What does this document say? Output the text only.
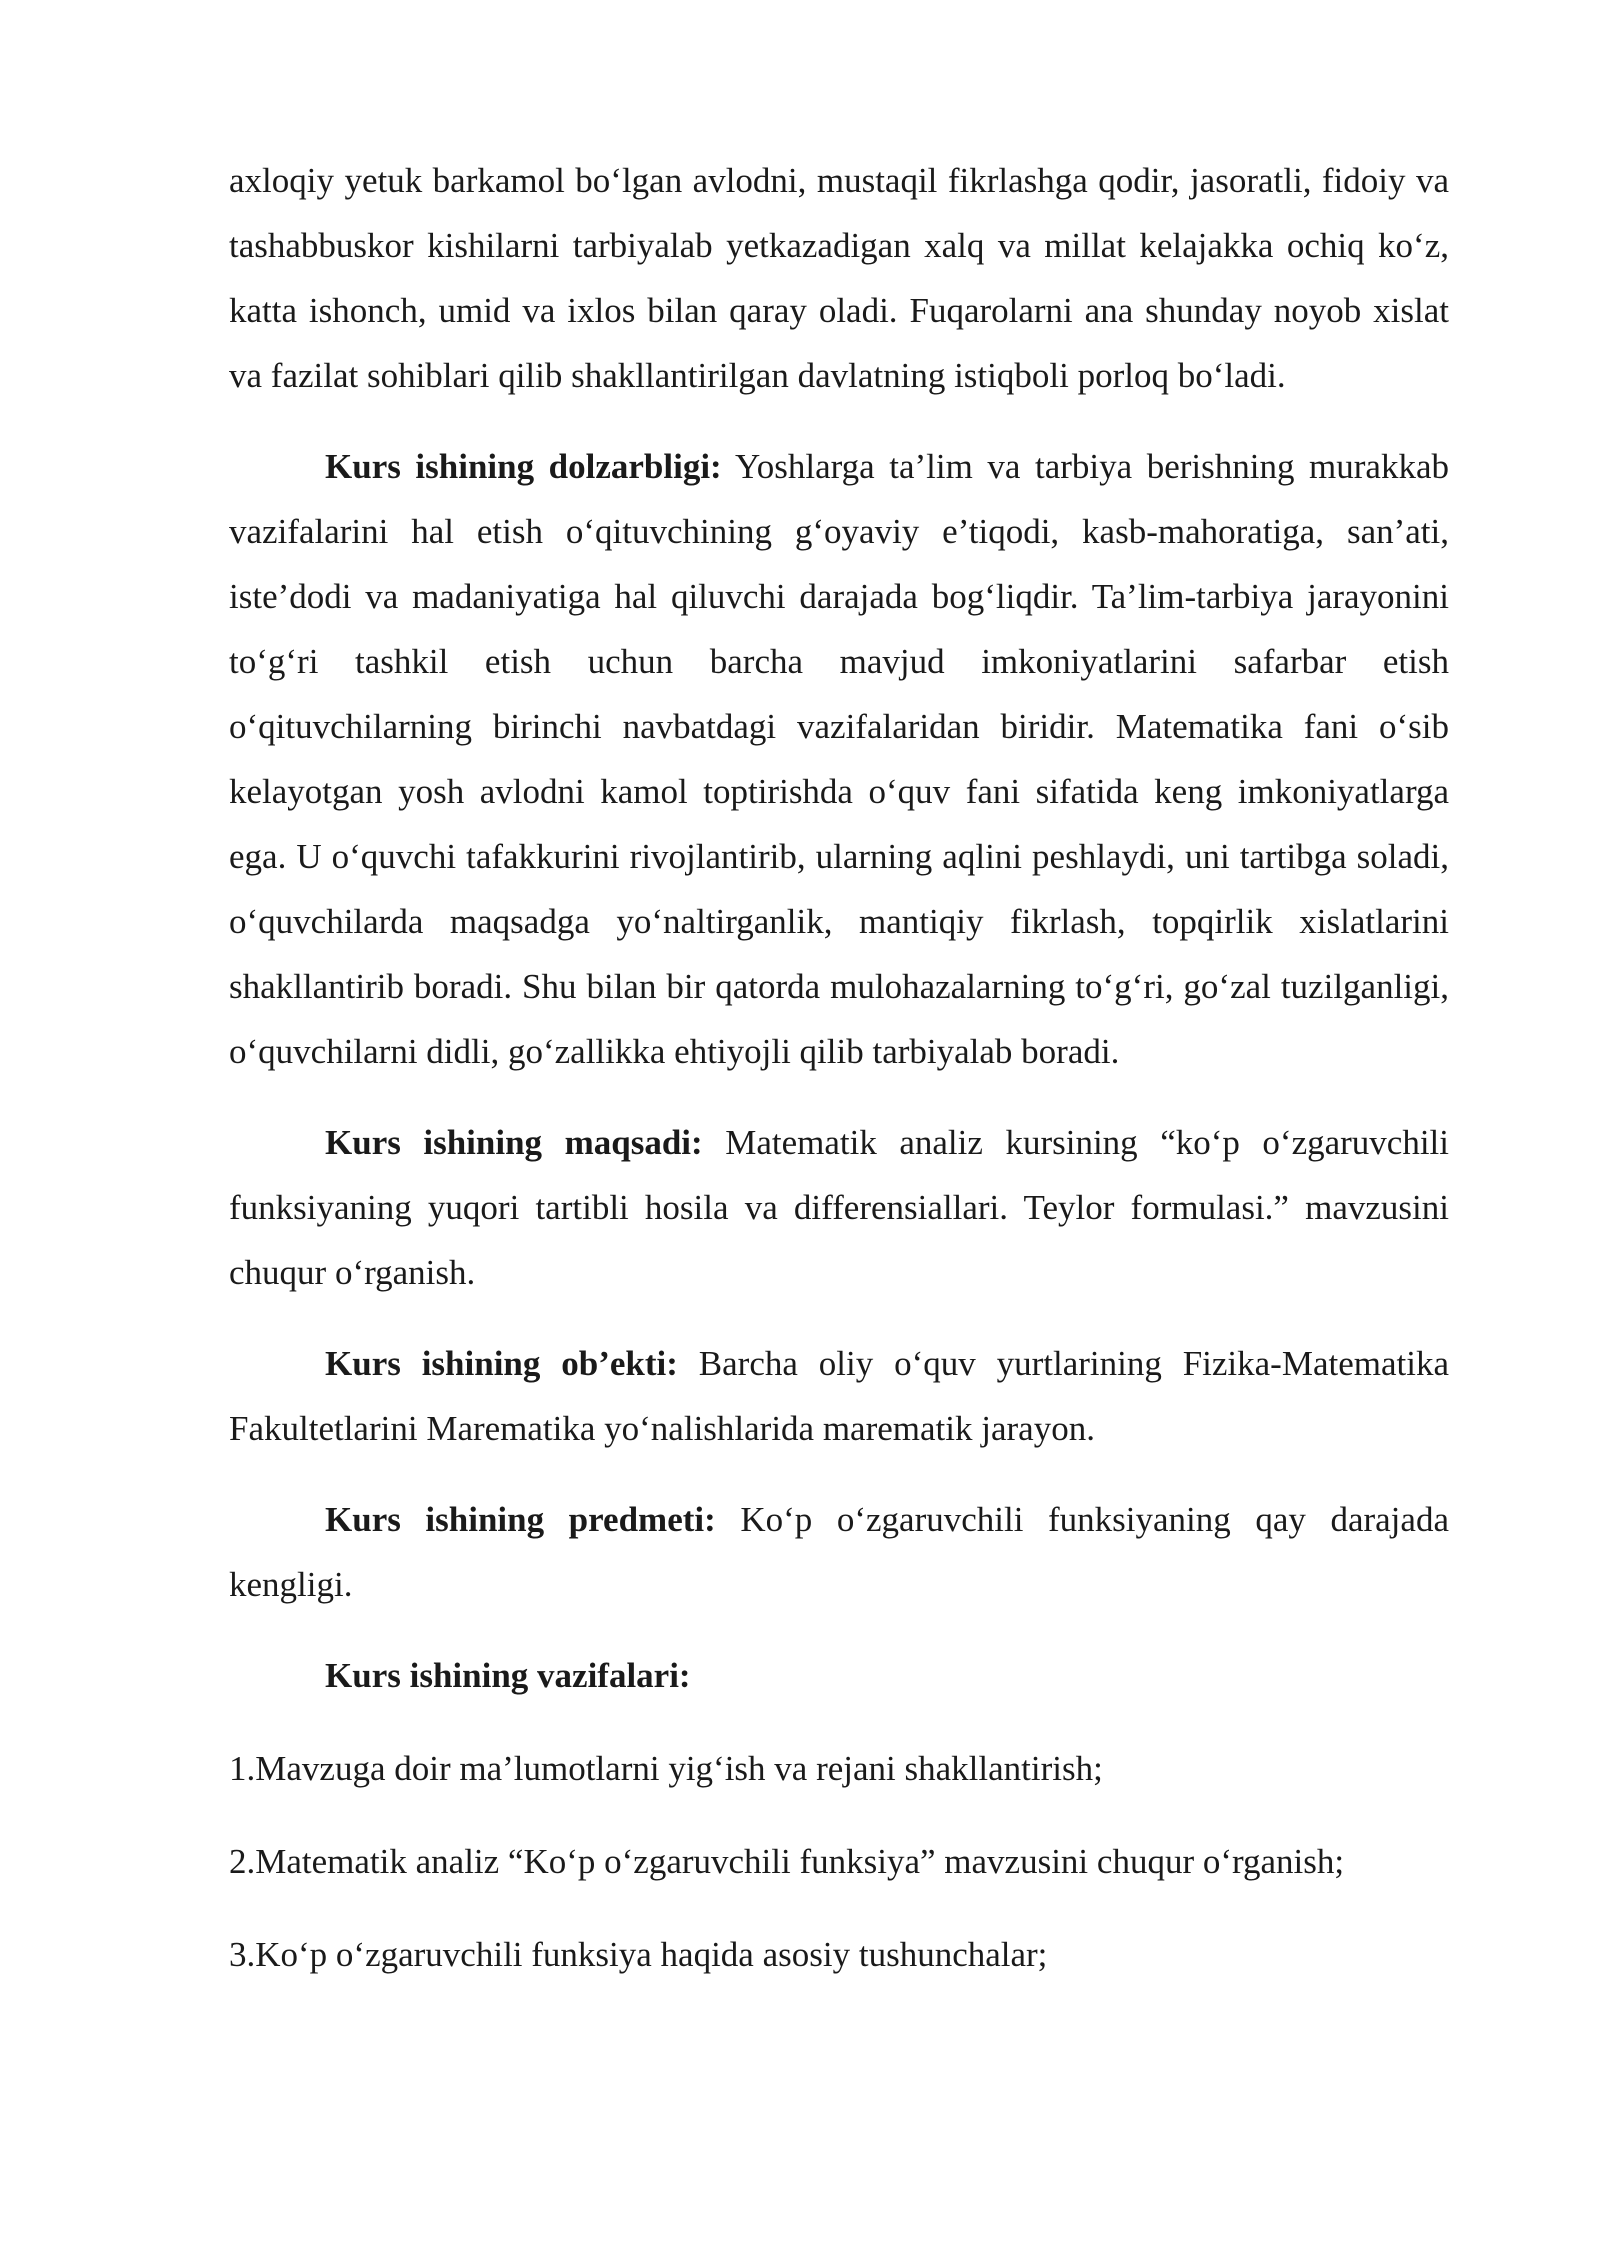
axloqiy yetuk barkamol bo‘lgan avlodni, mustaqil fikrlashga qodir, jasoratli, fidoiy va tashabbuskor kishilarni tarbiyalab yetkazadigan xalq va millat kelajakka ochiq ko‘z, katta ishonch, umid va ixlos bilan qaray oladi. Fuqarolarni ana shunday noyob xislat va fazilat sohiblari qilib shakllantirilgan davlatning istiqboli porloq bo‘ladi.

Kurs ishining dolzarbligi: Yoshlarga ta’lim va tarbiya berishning murakkab vazifalarini hal etish o‘qituvchining g‘oyaviy e’tiqodi, kasb-mahoratiga, san’ati, iste’dodi va madaniyatiga hal qiluvchi darajada bog‘liqdir. Ta’lim-tarbiya jarayonini to‘g‘ri tashkil etish uchun barcha mavjud imkoniyatlarini safarbar etish o‘qituvchilarning birinchi navbatdagi vazifalaridan biridir. Matematika fani o‘sib kelayotgan yosh avlodni kamol toptirishda o‘quv fani sifatida keng imkoniyatlarga ega. U o‘quvchi tafakkurini rivojlantirib, ularning aqlini peshlaydi, uni tartibga soladi, o‘quvchilarda maqsadga yo‘naltirganlik, mantiqiy fikrlash, topqirlik xislatlarini shakllantirib boradi. Shu bilan bir qatorda mulohazalarning to‘g‘ri, go‘zal tuzilganligi, o‘quvchilarni didli, go‘zallikka ehtiyojli qilib tarbiyalab boradi.

Kurs ishining maqsadi: Matematik analiz kursining “ko‘p o‘zgaruvchili funksiyaning yuqori tartibli hosila va differensiallari. Teylor formulasi.” mavzusini chuqur o‘rganish.

Kurs ishining ob’ekti: Barcha oliy o‘quv yurtlarining Fizika-Matematika Fakultetlarini Marematika yo‘nalishlarida marematik jarayon.

Kurs ishining predmeti: Ko‘p o‘zgaruvchili funksiyaning qay darajada kengligi.

Kurs ishining vazifalari:

1.Mavzuga doir ma’lumotlarni yig‘ish va rejani shakllantirish;

2.Matematik analiz “Ko‘p o‘zgaruvchili funksiya” mavzusini chuqur o‘rganish;

3.Ko‘p o‘zgaruvchili funksiya haqida asosiy tushunchalar;
